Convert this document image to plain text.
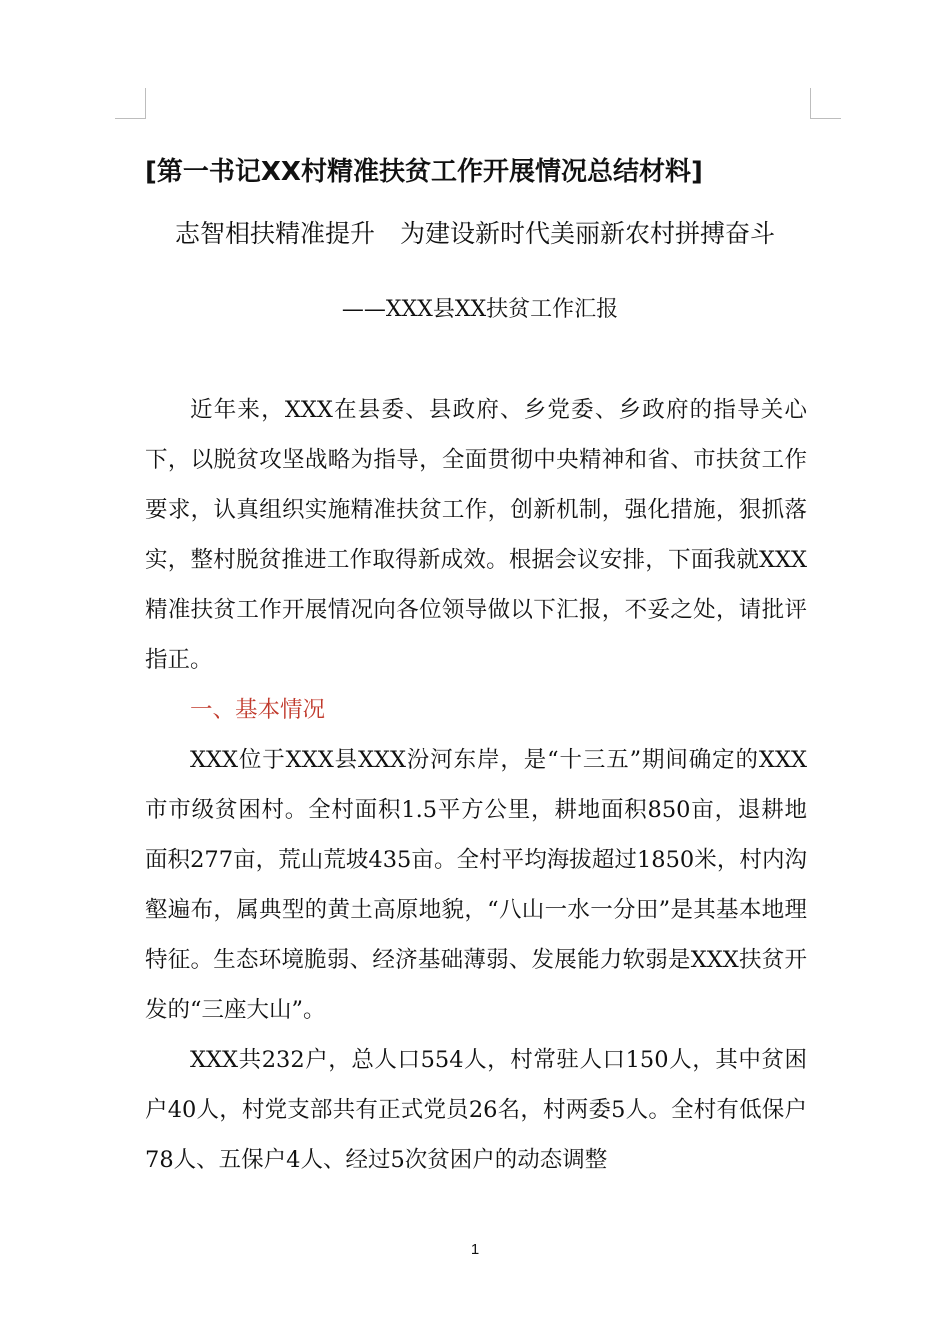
[第一书记XX村精准扶贫工作开展情况总结材料]
志智相扶精准提升　为建设新时代美丽新农村拼搏奋斗
——XXX县XX扶贫工作汇报

近年来，XXX在县委、县政府、乡党委、乡政府的指导关心下，以脱贫攻坚战略为指导，全面贯彻中央精神和省、市扶贫工作要求，认真组织实施精准扶贫工作，创新机制，强化措施，狠抓落实，整村脱贫推进工作取得新成效。根据会议安排，下面我就XXX精准扶贫工作开展情况向各位领导做以下汇报，不妥之处，请批评指正。

一、基本情况

XXX位于XXX县XXX汾河东岸，是“十三五”期间确定的XXX市市级贫困村。全村面积1.5平方公里，耕地面积850亩，退耕地面积277亩，荒山荒坡435亩。全村平均海拔超过1850米，村内沟壑遍布，属典型的黄土高原地貌，“八山一水一分田”是其基本地理特征。生态环境脆弱、经济基础薄弱、发展能力软弱是XXX扶贫开发的“三座大山”。

XXX共232户，总人口554人，村常驻人口150人，其中贫困户40人，村党支部共有正式党员26名，村两委5人。全村有低保户78人、五保户4人、经过5次贫困户的动态调整

1
